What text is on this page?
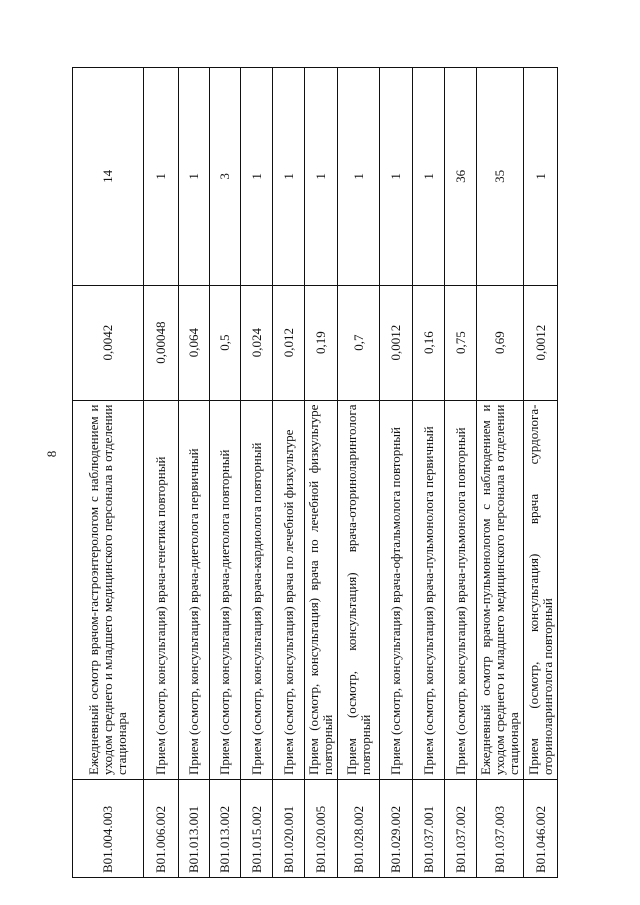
8
B01.004.003	Ежедневный осмотр врачом-гастроэнтерологом с наблюдением и уходом среднего и младшего медицинского персонала в отделении стационара	0,0042	14
B01.006.002	Прием (осмотр, консультация) врача-генетика повторный	0,00048	1
B01.013.001	Прием (осмотр, консультация) врача-диетолога первичный	0,064	1
B01.013.002	Прием (осмотр, консультация) врача-диетолога повторный	0,5	3
B01.015.002	Прием (осмотр, консультация) врача-кардиолога повторный	0,024	1
B01.020.001	Прием (осмотр, консультация) врача по лечебной физкультуре	0,012	1
B01.020.005	Прием (осмотр, консультация) врача по лечебной физкультуре повторный	0,19	1
B01.028.002	Прием (осмотр, консультация) врача-оториноларинголога повторный	0,7	1
B01.029.002	Прием (осмотр, консультация) врача-офтальмолога повторный	0,0012	1
B01.037.001	Прием (осмотр, консультация) врача-пульмонолога первичный	0,16	1
B01.037.002	Прием (осмотр, консультация) врача-пульмонолога повторный	0,75	36
B01.037.003	Ежедневный осмотр врачом-пульмонологом с наблюдением и уходом среднего и младшего медицинского персонала в отделении стационара	0,69	35
B01.046.002	Прием (осмотр, консультация) врача сурдолога-оториноларинголога повторный	0,0012	1
